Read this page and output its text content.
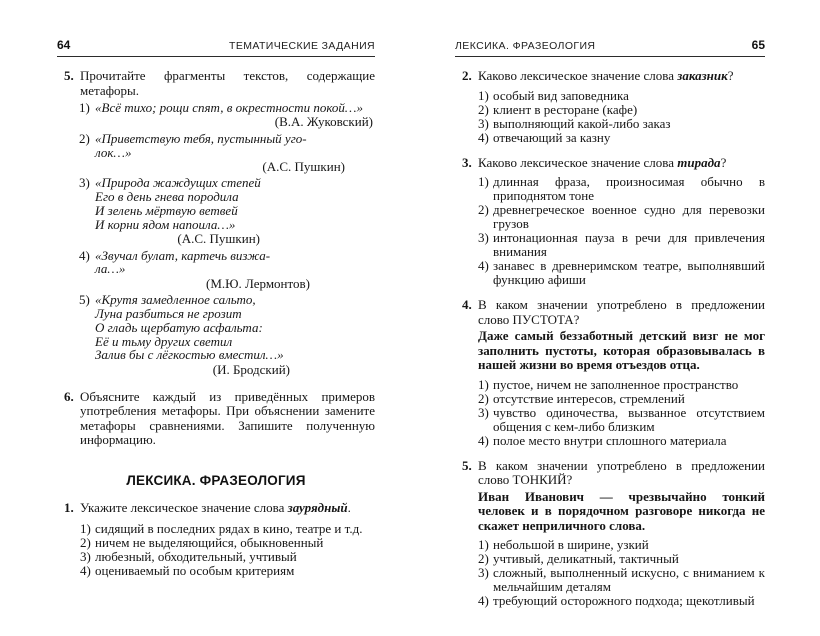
64	ТЕМАТИЧЕСКИЕ ЗАДАНИЯ
5. Прочитайте фрагменты текстов, содержащие метафоры.
1) «Всё тихо; рощи спят, в окрестности покой…»
(В.А. Жуковский)
2) «Приветствую тебя, пустынный уго-
лок…»
(А.С. Пушкин)
3) «Природа жаждущих степей
Его в день гнева породила
И зелень мёртвую ветвей
И корни ядом напоила…»
(А.С. Пушкин)
4) «Звучал булат, картечь визжа-
ла…»
(М.Ю. Лермонтов)
5) «Крутя замедленное сальто,
Луна разбиться не грозит
О гладь щербатую асфальта:
Её и тьму других светил
Залив бы с лёгкостью вместил…»
(И. Бродский)
6. Объясните каждый из приведённых примеров употребления метафоры. При объяснении замените метафоры сравнениями. Запишите полученную информацию.
ЛЕКСИКА. ФРАЗЕОЛОГИЯ
1. Укажите лексическое значение слова заурядный.
1) сидящий в последних рядах в кино, театре и т.д.
2) ничем не выделяющийся, обыкновенный
3) любезный, обходительный, учтивый
4) оцениваемый по особым критериям
ЛЕКСИКА. ФРАЗЕОЛОГИЯ	65
2. Каково лексическое значение слова заказник?
1) особый вид заповедника
2) клиент в ресторане (кафе)
3) выполняющий какой-либо заказ
4) отвечающий за казну
3. Каково лексическое значение слова тирада?
1) длинная фраза, произносимая обычно в приподнятом тоне
2) древнегреческое военное судно для перевозки грузов
3) интонационная пауза в речи для привлечения внимания
4) занавес в древнеримском театре, выполнявший функцию афиши
4. В каком значении употреблено в предложении слово ПУСТОТА?
Даже самый беззаботный детский визг не мог заполнить пустоты, которая образовывалась в нашей жизни во время отъездов отца.
1) пустое, ничем не заполненное пространство
2) отсутствие интересов, стремлений
3) чувство одиночества, вызванное отсутствием общения с кем-либо близким
4) полое место внутри сплошного материала
5. В каком значении употреблено в предложении слово ТОНКИЙ?
Иван Иванович — чрезвычайно тонкий человек и в порядочном разговоре никогда не скажет неприличного слова.
1) небольшой в ширине, узкий
2) учтивый, деликатный, тактичный
3) сложный, выполненный искусно, с вниманием к мельчайшим деталям
4) требующий осторожного подхода; щекотливый
